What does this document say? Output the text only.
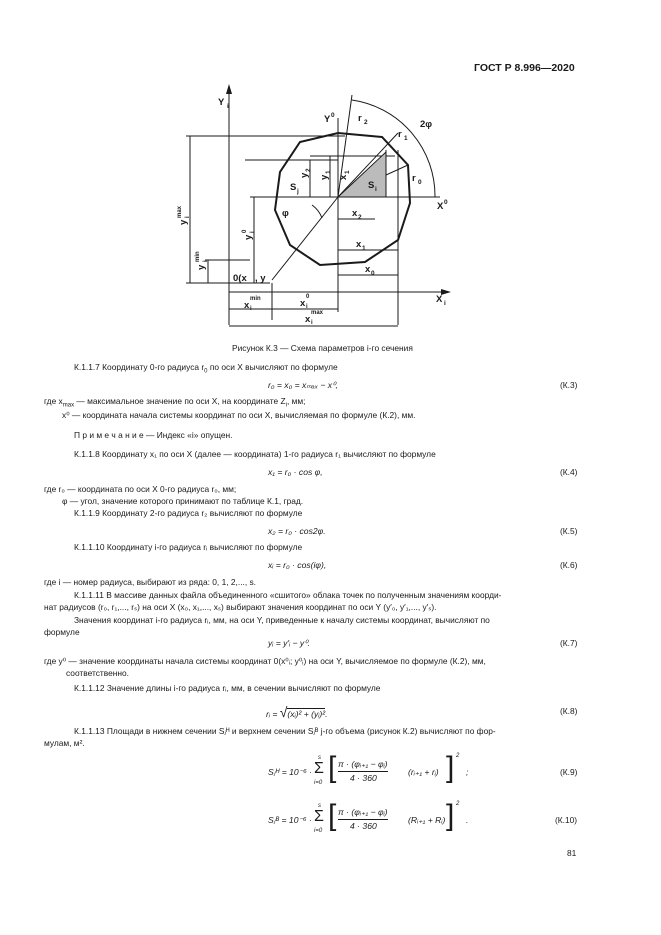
ГОСТ Р 8.996—2020
Y i
X i
Y 0
X 0
r 2
r 1
r 0
2φ
S j
S i
x 2
φ
x 1
x 0
0(x , y
x
min
i	x
0
i
x
max
i
y
max i
y
min i
y
0 i
y
2
y
1
x
1
Рисунок К.3 — Схема параметров i-го сечения
К.1.1.7 Координату 0-го радиуса $r_0$ по оси X вычисляют по формуле
r₀ = x₀ = xₘₐₓ − x⁰,	(К.3)
где $x_{max}$ — максимальное значение по оси X, на координате $Z_i$, мм;
x⁰ — координата начала системы координат по оси X, вычисляемая по формуле (К.2), мм.
П р и м е ч а н и е — Индекс «i» опущен.
К.1.1.8 Координату x₁ по оси X (далее — координата) 1-го радиуса r₁ вычисляют по формуле
x₁ = r₀ · cos φ,	(К.4)
где r₀ — координата по оси X 0-го радиуса r₀, мм;
φ — угол, значение которого принимают по таблице К.1, град.
К.1.1.9 Координату 2-го радиуса r₂ вычисляют по формуле
x₂ = r₀ · cos2φ.	(К.5)
К.1.1.10 Координату i-го радиуса rᵢ вычисляют по формуле
xᵢ = r₀ · cos(iφ),	(К.6)
где i — номер радиуса, выбирают из ряда: 0, 1, 2,..., s.
К.1.1.11 В массиве данных файла объединенного «сшитого» облака точек по полученным значениям коорди-
нат радиусов (r₀, r₁,..., rₛ) на оси X (x₀, x₁,..., xₛ) выбирают значения координат по оси Y (y′₀, y′₁,..., y′ₛ).
Значения координат i-го радиуса rᵢ, мм, на оси Y, приведенные к началу системы координат, вычисляют по
формуле
yᵢ = y′ᵢ − y⁰.	(К.7)
где y⁰ — значение координаты начала системы координат 0(x⁰ᵢ; y⁰ᵢ) на оси Y, вычисляемое по формуле (К.2), мм,
соответственно.
К.1.1.12 Значение длины i-го радиуса rᵢ, мм, в сечении вычисляют по формуле
rᵢ = √(xᵢ)² + (yᵢ)².	(К.8)
К.1.1.13 Площади в нижнем сечении Sⱼᴴ и верхнем сечении Sⱼᴮ j-го объема (рисунок К.2) вычисляют по фор-
мулам, м².
Sⱼᴴ = 10⁻⁶ ·
s
Σ
i=0 [ π · (φᵢ₊₁ − φᵢ)
4 · 360
(rᵢ₊₁ + rᵢ) ] 2
;	(К.9)
Sⱼᴮ = 10⁻⁶ ·
s
Σ
i=0 [ π · (φᵢ₊₁ − φᵢ)
4 · 360
(Rᵢ₊₁ + Rᵢ) ] 2
.	(К.10)
81
